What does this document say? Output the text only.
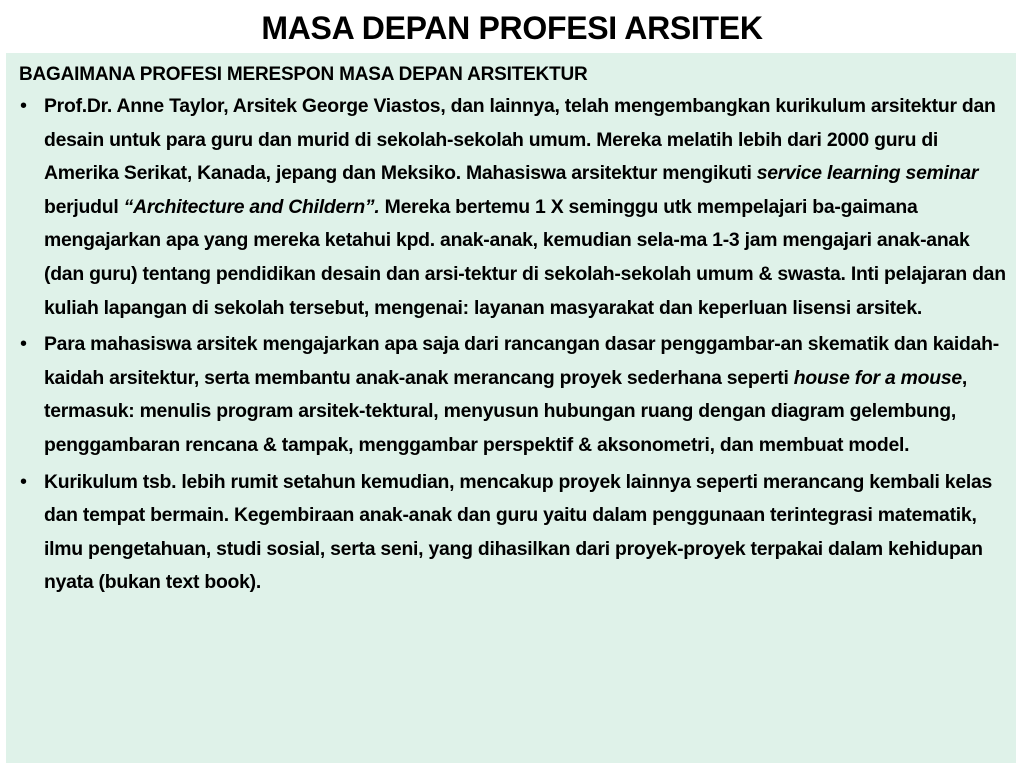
MASA DEPAN PROFESI ARSITEK
BAGAIMANA PROFESI MERESPON MASA DEPAN ARSITEKTUR
• Prof.Dr. Anne Taylor, Arsitek George Viastos, dan lainnya, telah mengembangkan kurikulum arsitektur dan desain untuk para guru dan murid di sekolah-sekolah umum. Mereka melatih lebih dari 2000 guru di Amerika Serikat, Kanada, jepang dan Meksiko. Mahasiswa arsitektur mengikuti service learning seminar berjudul “Architecture and Childern”. Mereka bertemu 1 X seminggu utk mempelajari ba-gaimana mengajarkan apa yang mereka ketahui kpd. anak-anak, kemudian sela-ma 1-3 jam mengajari anak-anak (dan guru) tentang pendidikan desain dan arsi-tektur di sekolah-sekolah umum & swasta. Inti pelajaran dan kuliah lapangan di sekolah tersebut, mengenai: layanan masyarakat dan keperluan lisensi arsitek.
• Para mahasiswa arsitek mengajarkan apa saja dari rancangan dasar penggambar-an skematik dan kaidah-kaidah arsitektur, serta membantu anak-anak merancang proyek sederhana seperti house for a mouse, termasuk: menulis program arsitek-tektural, menyusun hubungan ruang dengan diagram gelembung, penggambaran rencana & tampak, menggambar perspektif & aksonometri, dan membuat model.
• Kurikulum tsb. lebih rumit setahun kemudian, mencakup proyek lainnya seperti merancang kembali kelas dan tempat bermain. Kegembiraan anak-anak dan guru yaitu dalam penggunaan terintegrasi matematik, ilmu pengetahuan, studi sosial, serta seni, yang dihasilkan dari proyek-proyek terpakai dalam kehidupan nyata (bukan text book).
